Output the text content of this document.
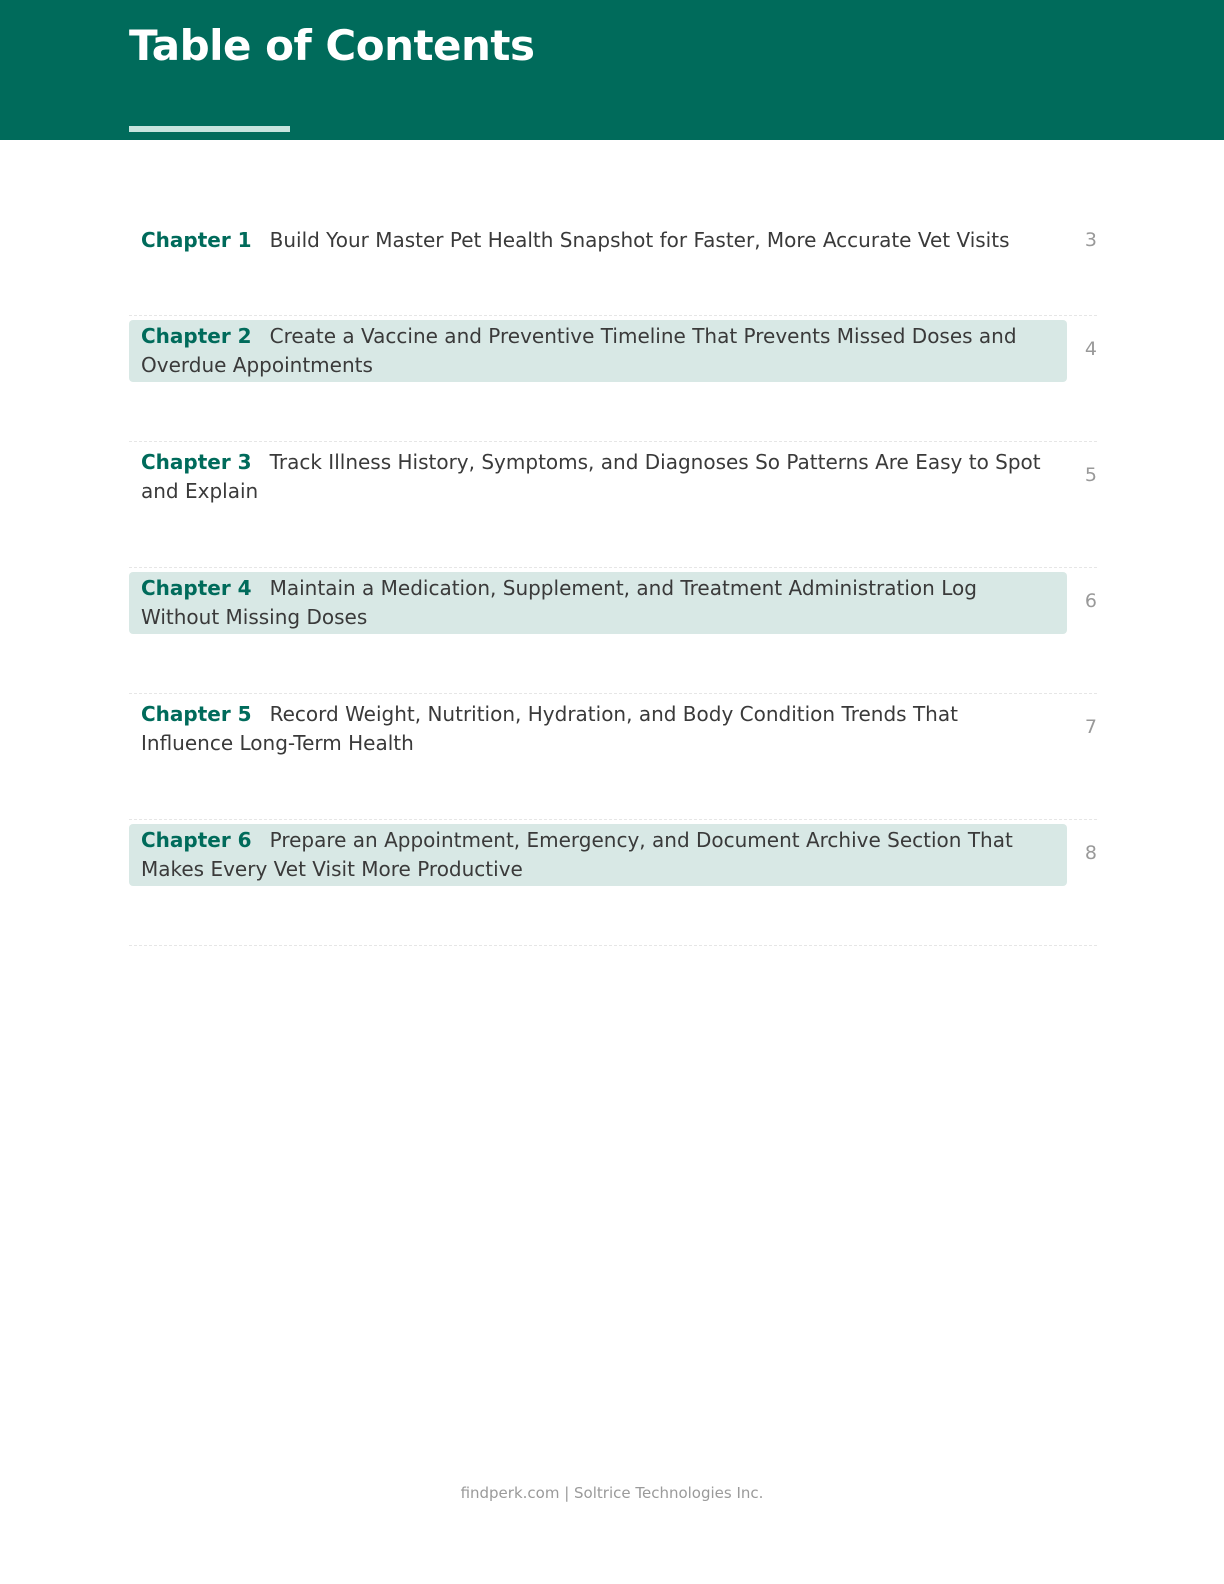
Table of Contents
Chapter 1 Build Your Master Pet Health Snapshot for Faster, More Accurate Vet Visits	3
Chapter 2 Create a Vaccine and Preventive Timeline That Prevents Missed Doses and Overdue Appointments
4
Chapter 3 Track Illness History, Symptoms, and Diagnoses So Patterns Are Easy to Spot and Explain
5
Chapter 4 Maintain a Medication, Supplement, and Treatment Administration Log Without Missing Doses
6
Chapter 5 Record Weight, Nutrition, Hydration, and Body Condition Trends That Influence Long-Term Health
7
Chapter 6 Prepare an Appointment, Emergency, and Document Archive Section That Makes Every Vet Visit More Productive
8
findperk.com | Soltrice Technologies Inc.
